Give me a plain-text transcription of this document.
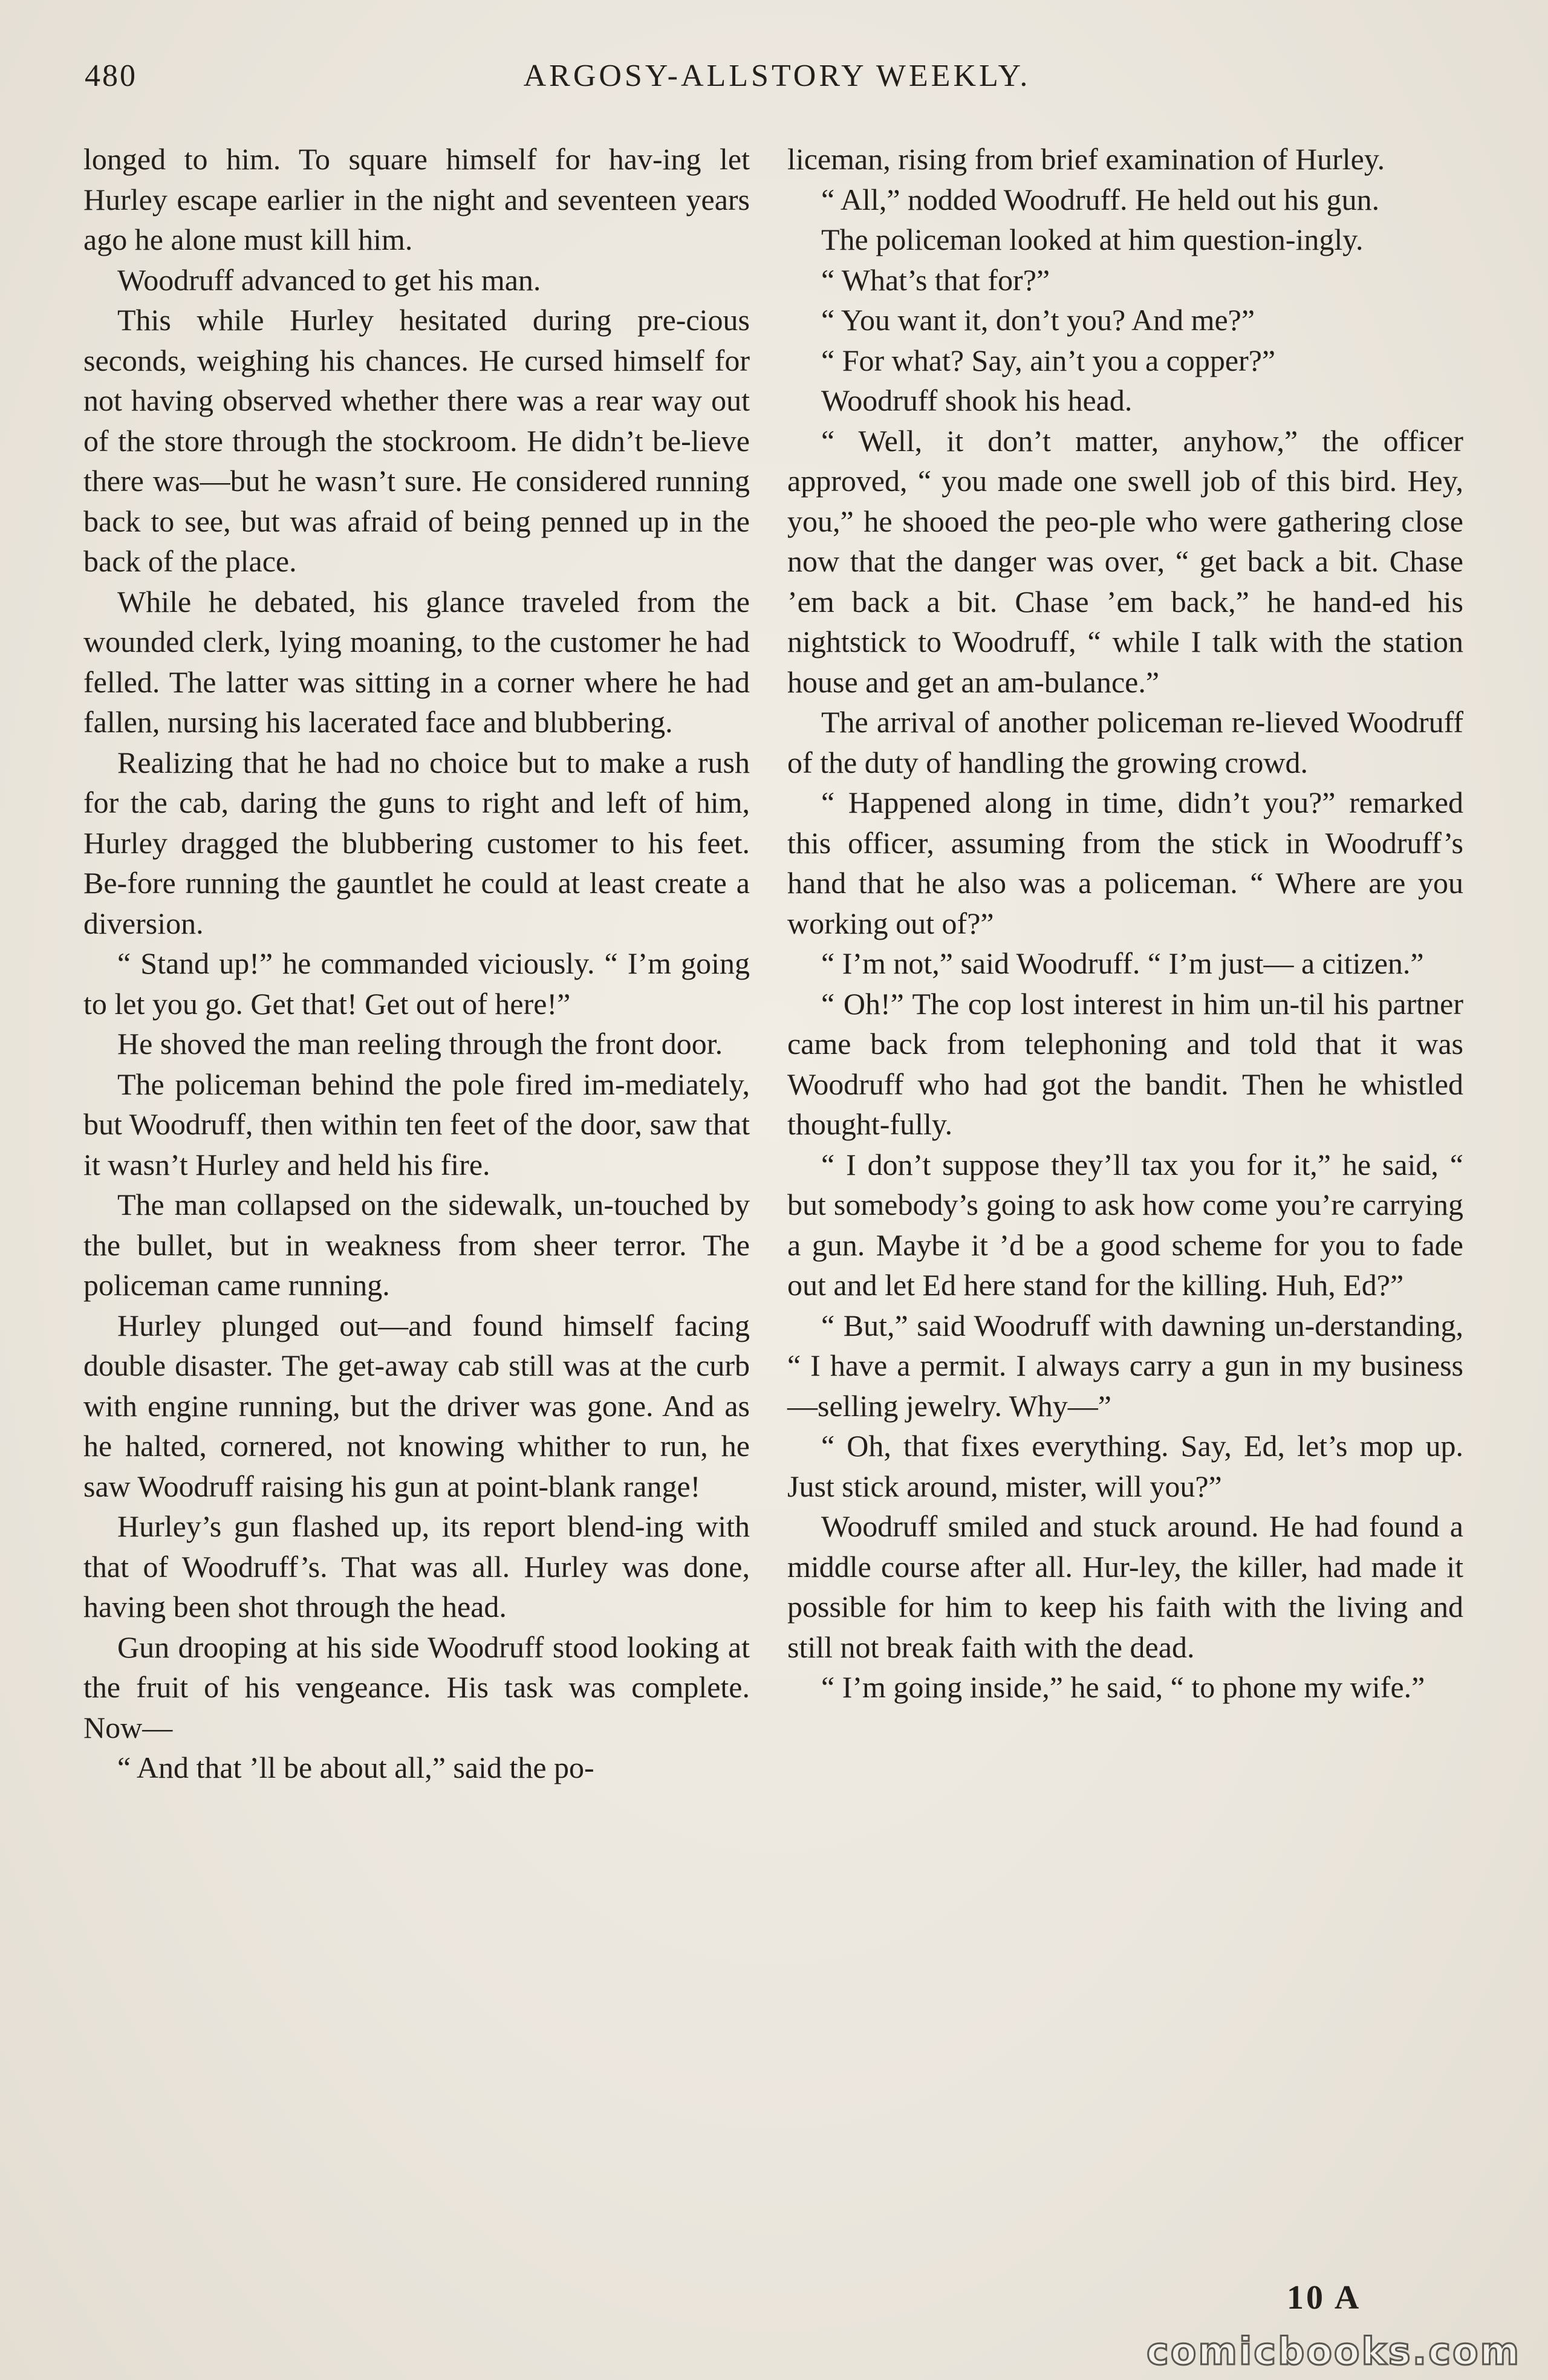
480	ARGOSY-ALLSTORY WEEKLY.

longed to him. To square himself for hav-ing let Hurley escape earlier in the night and seventeen years ago he alone must kill him.

Woodruff advanced to get his man.

This while Hurley hesitated during pre-cious seconds, weighing his chances. He cursed himself for not having observed whether there was a rear way out of the store through the stockroom. He didn’t be-lieve there was—but he wasn’t sure. He considered running back to see, but was afraid of being penned up in the back of the place.

While he debated, his glance traveled from the wounded clerk, lying moaning, to the customer he had felled. The latter was sitting in a corner where he had fallen, nursing his lacerated face and blubbering.

Realizing that he had no choice but to make a rush for the cab, daring the guns to right and left of him, Hurley dragged the blubbering customer to his feet. Be-fore running the gauntlet he could at least create a diversion.

“ Stand up!” he commanded viciously. “ I’m going to let you go. Get that! Get out of here!”

He shoved the man reeling through the front door.

The policeman behind the pole fired im-mediately, but Woodruff, then within ten feet of the door, saw that it wasn’t Hurley and held his fire.

The man collapsed on the sidewalk, un-touched by the bullet, but in weakness from sheer terror. The policeman came running.

Hurley plunged out—and found himself facing double disaster. The get-away cab still was at the curb with engine running, but the driver was gone. And as he halted, cornered, not knowing whither to run, he saw Woodruff raising his gun at point-blank range!

Hurley’s gun flashed up, its report blend-ing with that of Woodruff’s. That was all. Hurley was done, having been shot through the head.

Gun drooping at his side Woodruff stood looking at the fruit of his vengeance. His task was complete. Now—

“ And that ’ll be about all,” said the po-

liceman, rising from brief examination of Hurley.

“ All,” nodded Woodruff. He held out his gun.

The policeman looked at him question-ingly.

“ What’s that for?”

“ You want it, don’t you? And me?”

“ For what? Say, ain’t you a copper?”

Woodruff shook his head.

“ Well, it don’t matter, anyhow,” the officer approved, “ you made one swell job of this bird. Hey, you,” he shooed the peo-ple who were gathering close now that the danger was over, “ get back a bit. Chase ’em back a bit. Chase ’em back,” he hand-ed his nightstick to Woodruff, “ while I talk with the station house and get an am-bulance.”

The arrival of another policeman re-lieved Woodruff of the duty of handling the growing crowd.

“ Happened along in time, didn’t you?” remarked this officer, assuming from the stick in Woodruff’s hand that he also was a policeman. “ Where are you working out of?”

“ I’m not,” said Woodruff. “ I’m just— a citizen.”

“ Oh!” The cop lost interest in him un-til his partner came back from telephoning and told that it was Woodruff who had got the bandit. Then he whistled thought-fully.

“ I don’t suppose they’ll tax you for it,” he said, “ but somebody’s going to ask how come you’re carrying a gun. Maybe it ’d be a good scheme for you to fade out and let Ed here stand for the killing. Huh, Ed?”

“ But,” said Woodruff with dawning un-derstanding, “ I have a permit. I always carry a gun in my business—selling jewelry. Why—”

“ Oh, that fixes everything. Say, Ed, let’s mop up. Just stick around, mister, will you?”

Woodruff smiled and stuck around. He had found a middle course after all. Hur-ley, the killer, had made it possible for him to keep his faith with the living and still not break faith with the dead.

“ I’m going inside,” he said, “ to phone my wife.”

10 A
comicbooks.com
